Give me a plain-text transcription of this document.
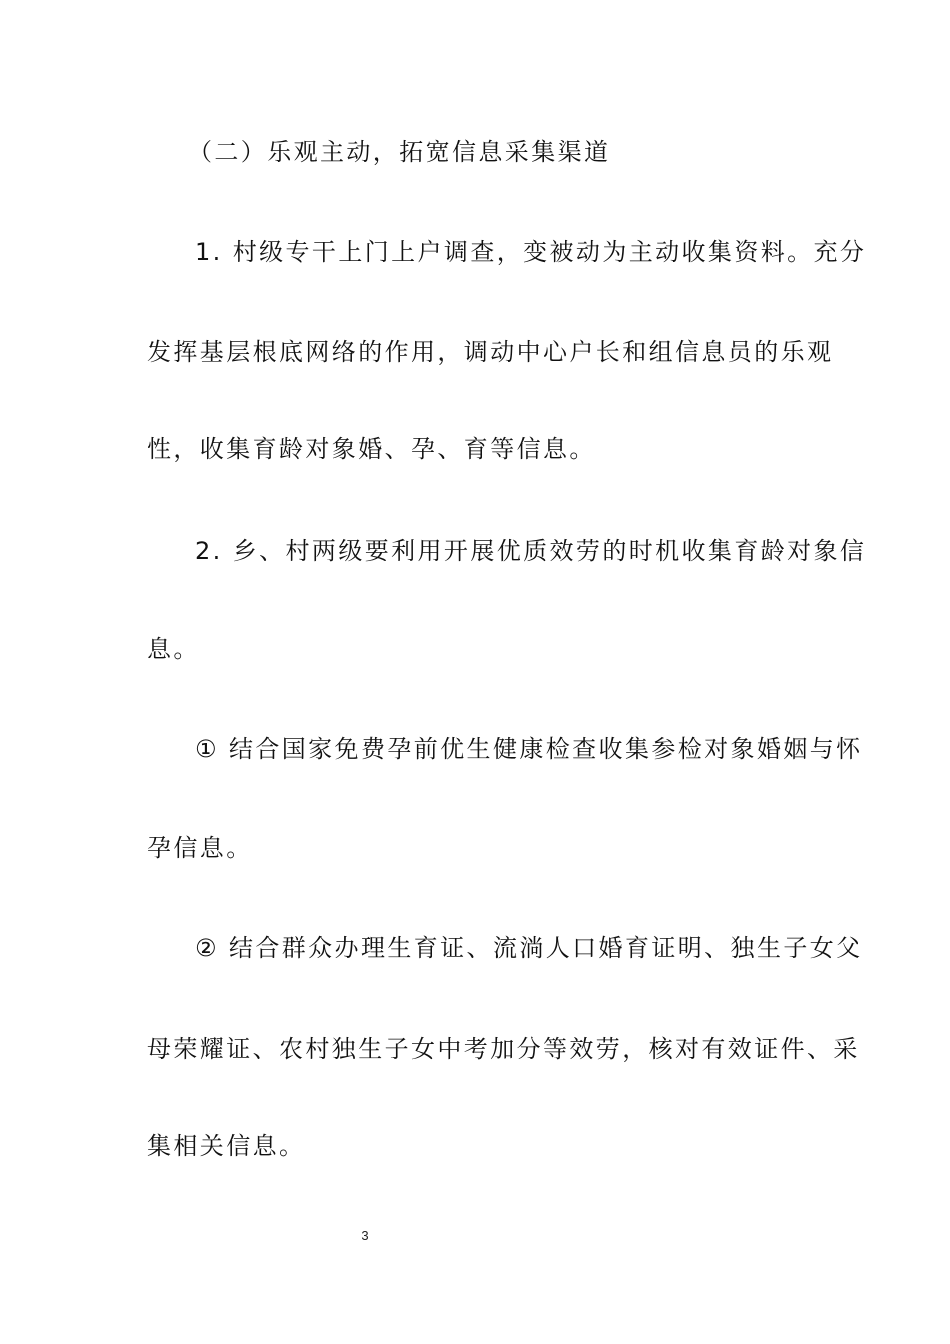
（二）乐观主动，拓宽信息采集渠道
1. 村级专干上门上户调查，变被动为主动收集资料。充分
发挥基层根底网络的作用，调动中心户长和组信息员的乐观
性，收集育龄对象婚、孕、育等信息。
2. 乡、村两级要利用开展优质效劳的时机收集育龄对象信
息。
① 结合国家免费孕前优生健康检查收集参检对象婚姻与怀
孕信息。
② 结合群众办理生育证、流淌人口婚育证明、独生子女父
母荣耀证、农村独生子女中考加分等效劳，核对有效证件、采
集相关信息。
3
